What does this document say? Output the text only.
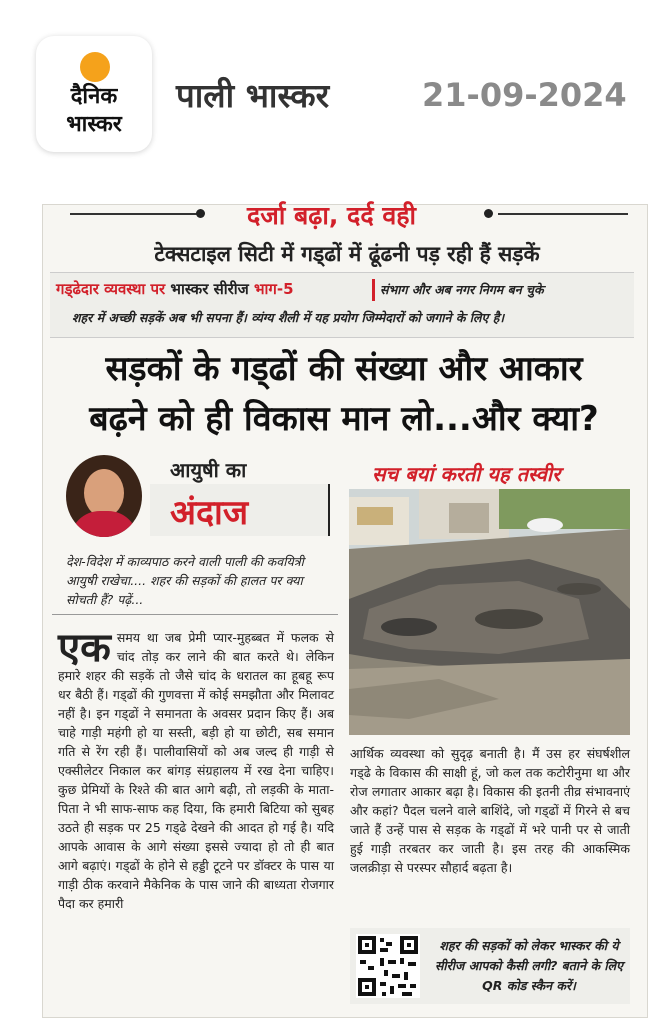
दैनिक
भास्कर
पाली भास्कर	21-09-2024
दर्जा बढ़ा, दर्द वही
टेक्सटाइल सिटी में गड्‌ढों में ढूंढनी पड़ रही हैं सड़कें
गड्‌ढेदार व्यवस्था पर भास्कर सीरीज भाग-5	संभाग और अब नगर निगम बन चुके
शहर में अच्छी सड़कें अब भी सपना हैं। व्यंग्य शैली में यह प्रयोग जिम्मेदारों को जगाने के लिए है।
सड़कों के गड्‌ढों की संख्या और आकार
बढ़ने को ही विकास मान लो...और क्या?
आयुषी का
अंदाज
सच बयां करती यह तस्वीर
देश-विदेश में काव्यपाठ करने वाली पाली की कवयित्री आयुषी राखेचा.... शहर की सड़कों की हालत पर क्या सोचती हैं? पढ़ें...
एक समय था जब प्रेमी प्यार-मुहब्बत में फलक से चांद तोड़ कर लाने की बात करते थे। लेकिन हमारे शहर की सड़कें तो जैसे चांद के धरातल का हूबहू रूप धर बैठी हैं। गड्‌ढों की गुणवत्ता में कोई समझौता और मिलावट नहीं है। इन गड्‌ढों ने समानता के अवसर प्रदान किए हैं। अब चाहे गाड़ी महंगी हो या सस्ती, बड़ी हो या छोटी, सब समान गति से रेंग रही हैं। पालीवासियों को अब जल्द ही गाड़ी से एक्सीलेटर निकाल कर बांगड़ संग्रहालय में रख देना चाहिए। कुछ प्रेमियों के रिश्ते की बात आगे बढ़ी, तो लड़की के माता-पिता ने भी साफ-साफ कह दिया, कि हमारी बिटिया को सुबह उठते ही सड़क पर 25 गड्‌ढे देखने की आदत हो गई है। यदि आपके आवास के आगे संख्या इससे ज्यादा हो तो ही बात आगे बढ़ाएं। गड्‌ढों के होने से हड्डी टूटने पर डॉक्टर के पास या गाड़ी ठीक करवाने मैकेनिक के पास जाने की बाध्यता रोजगार पैदा कर हमारी
आर्थिक व्यवस्था को सुदृढ़ बनाती है। मैं उस हर संघर्षशील गड्‌ढे के विकास की साक्षी हूं, जो कल तक कटोरीनुमा था और रोज लगातार आकार बढ़ा है। विकास की इतनी तीव्र संभावनाएं और कहां? पैदल चलने वाले बाशिंदे, जो गड्‌ढों में गिरने से बच जाते हैं उन्हें पास से सड़क के गड्‌ढों में भरे पानी पर से जाती हुई गाड़ी तरबतर कर जाती है। इस तरह की आकस्मिक जलक्रीड़ा से परस्पर सौहार्द बढ़ता है।
शहर की सड़कों को लेकर भास्कर की ये सीरीज आपको कैसी लगी? बताने के लिए QR कोड स्कैन करें।
